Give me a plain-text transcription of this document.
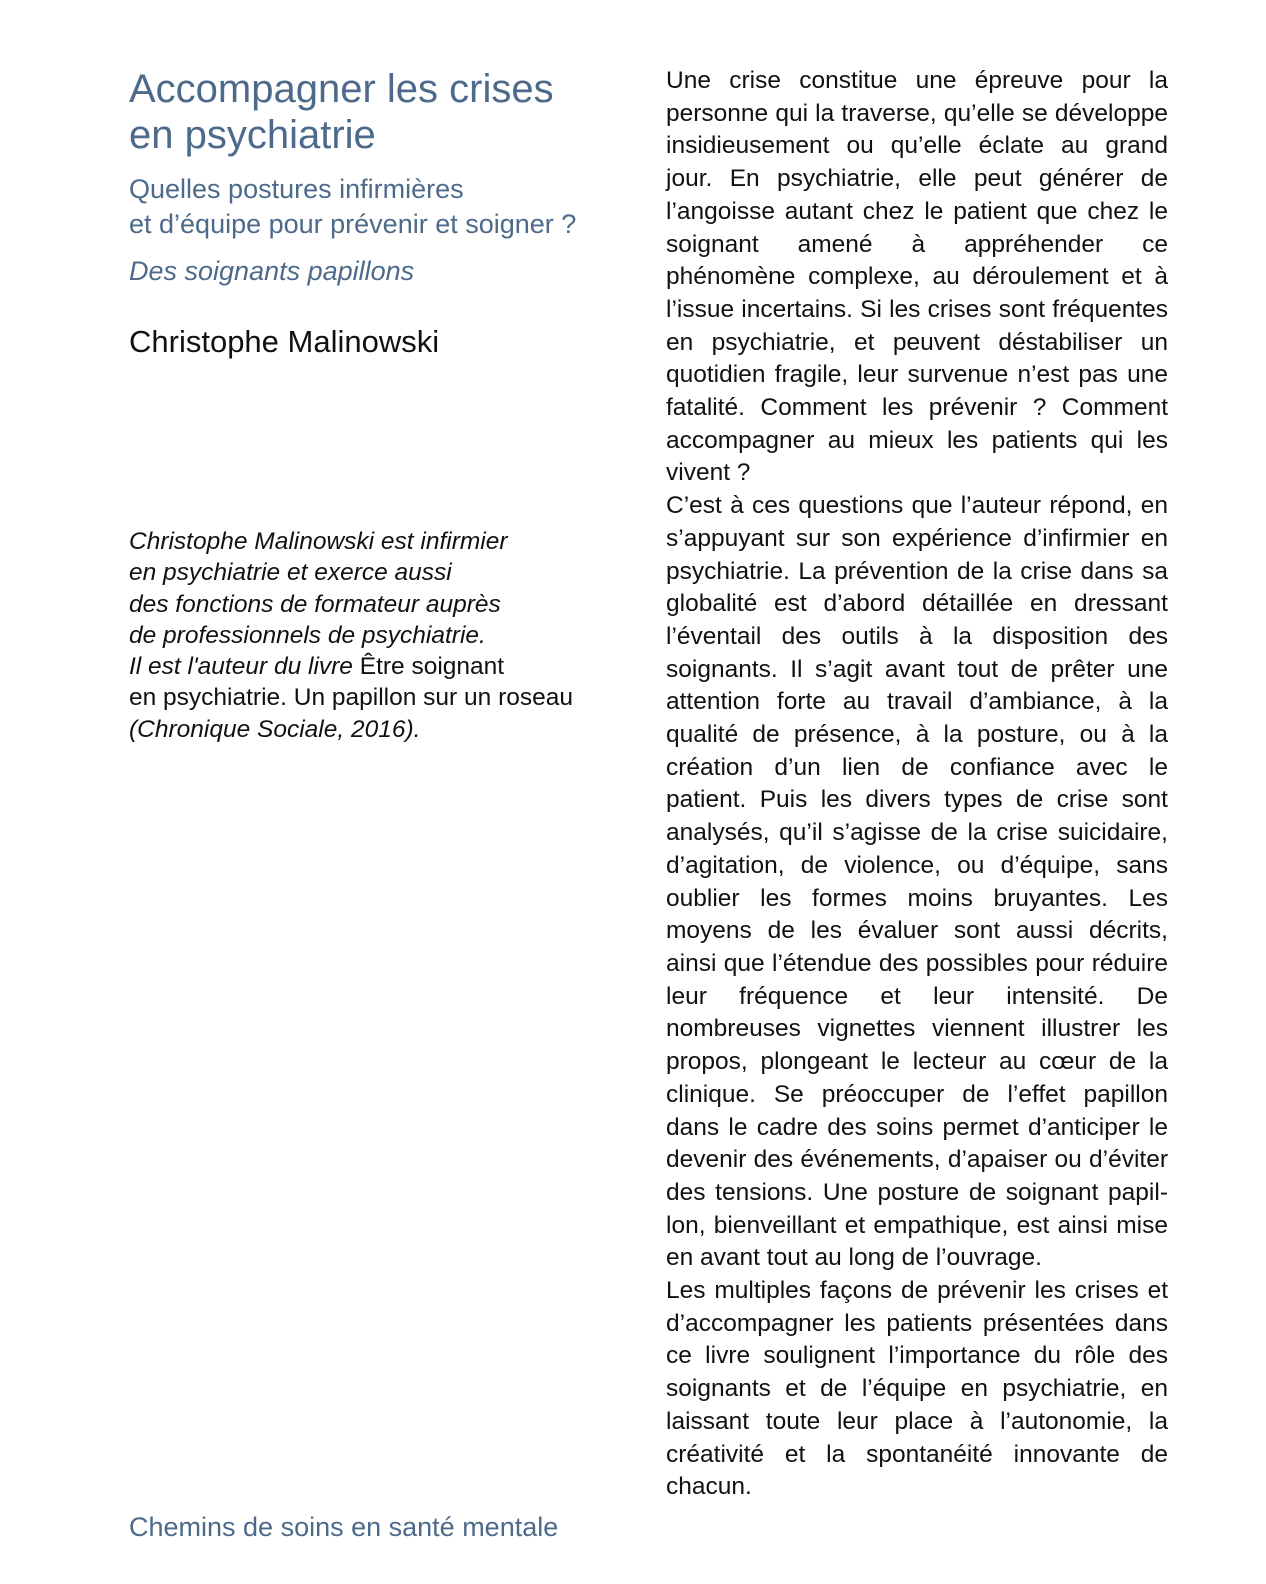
Accompagner les crises
en psychiatrie
Quelles postures infirmières
et d’équipe pour prévenir et soigner ?
Des soignants papillons
Christophe Malinowski
Christophe Malinowski est infirmier
en psychiatrie et exerce aussi
des fonctions de formateur auprès
de professionnels de psychiatrie.
Il est l'auteur du livre Être soignant
en psychiatrie. Un papillon sur un roseau
(Chronique Sociale, 2016).
Chemins de soins en santé mentale

Une crise constitue une épreuve pour la personne qui la traverse, qu’elle se développe insidieusement ou qu’elle éclate au grand jour. En psychiatrie, elle peut générer de l’angoisse autant chez le patient que chez le soignant amené à appréhender ce phénomène complexe, au déroulement et à l’issue incertains. Si les crises sont fréquentes en psychiatrie, et peuvent déstabiliser un quotidien fragile, leur survenue n’est pas une fatalité. Comment les prévenir ? Comment accompagner au mieux les patients qui les vivent ?

C’est à ces questions que l’auteur répond, en s’appuyant sur son expérience d’infirmier en psychiatrie. La prévention de la crise dans sa globalité est d’abord détaillée en dressant l’éventail des outils à la disposition des soignants. Il s’agit avant tout de prêter une attention forte au travail d’ambiance, à la qualité de présence, à la posture, ou à la création d’un lien de confiance avec le patient. Puis les divers types de crise sont analysés, qu’il s’agisse de la crise suicidaire, d’agitation, de violence, ou d’équipe, sans oublier les formes moins bruyantes. Les moyens de les évaluer sont aussi décrits, ainsi que l’étendue des possibles pour réduire leur fréquence et leur intensité. De nombreuses vignettes viennent illustrer les propos, plongeant le lecteur au cœur de la clinique. Se préoccuper de l’effet papillon dans le cadre des soins permet d’anticiper le devenir des événements, d’apaiser ou d’éviter des tensions. Une posture de soignant papillon, bienveillant et empathique, est ainsi mise en avant tout au long de l’ouvrage.

Les multiples façons de prévenir les crises et d’accompagner les patients présentées dans ce livre soulignent l’importance du rôle des soignants et de l’équipe en psychiatrie, en laissant toute leur place à l’autonomie, la créativité et la spontanéité innovante de chacun.
